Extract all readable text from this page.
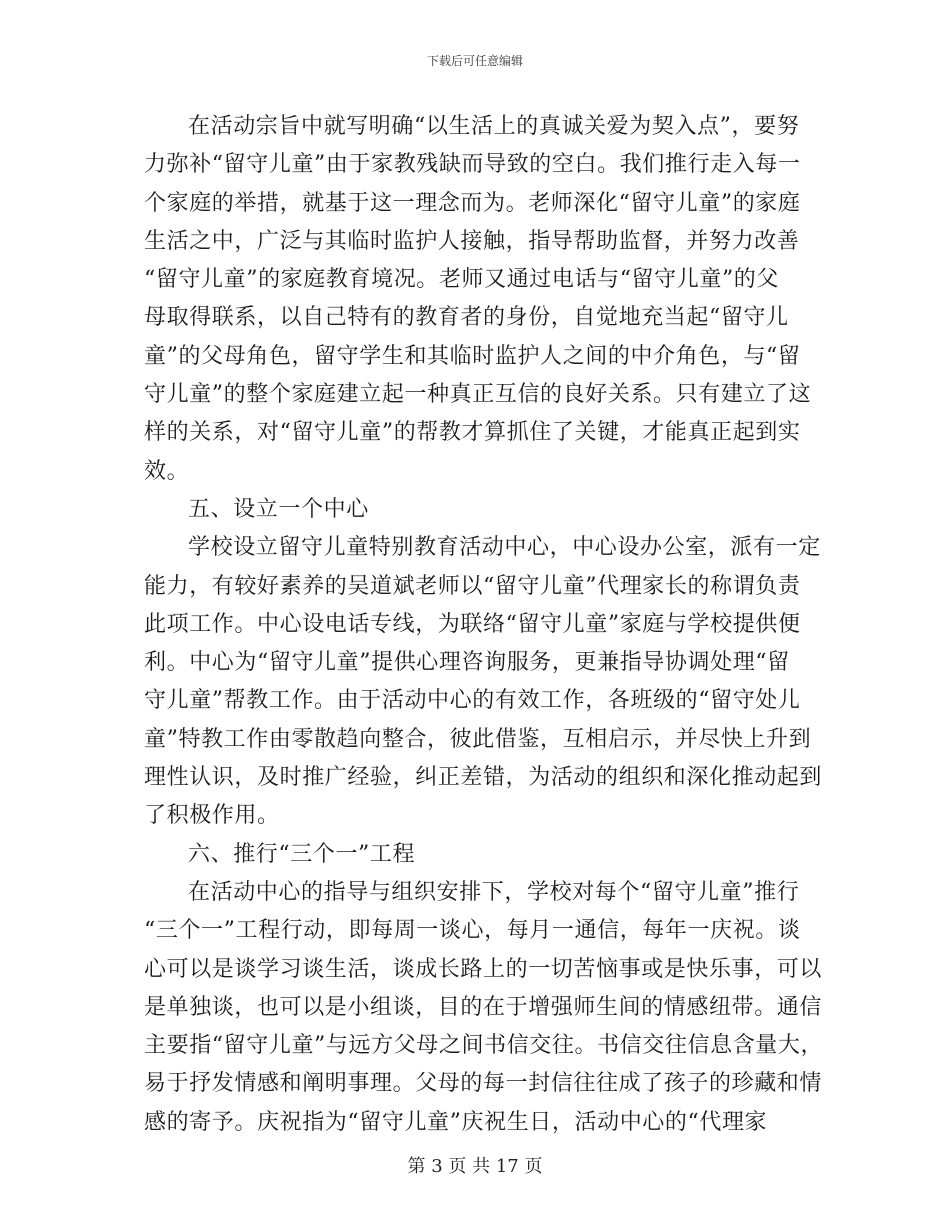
下载后可任意编辑
在活动宗旨中就写明确“以生活上的真诚关爱为契入点”，要努
力弥补“留守儿童”由于家教残缺而导致的空白。我们推行走入每一
个家庭的举措，就基于这一理念而为。老师深化“留守儿童”的家庭
生活之中，广泛与其临时监护人接触，指导帮助监督，并努力改善
“留守儿童”的家庭教育境况。老师又通过电话与“留守儿童”的父
母取得联系，以自己特有的教育者的身份，自觉地充当起“留守儿
童”的父母角色，留守学生和其临时监护人之间的中介角色，与“留
守儿童”的整个家庭建立起一种真正互信的良好关系。只有建立了这
样的关系，对“留守儿童”的帮教才算抓住了关键，才能真正起到实
效。
五、设立一个中心
学校设立留守儿童特别教育活动中心，中心设办公室，派有一定
能力，有较好素养的吴道斌老师以“留守儿童”代理家长的称谓负责
此项工作。中心设电话专线，为联络“留守儿童”家庭与学校提供便
利。中心为“留守儿童”提供心理咨询服务，更兼指导协调处理“留
守儿童”帮教工作。由于活动中心的有效工作，各班级的“留守处儿
童”特教工作由零散趋向整合，彼此借鉴，互相启示，并尽快上升到
理性认识，及时推广经验，纠正差错，为活动的组织和深化推动起到
了积极作用。
六、推行“三个一”工程
在活动中心的指导与组织安排下，学校对每个“留守儿童”推行
“三个一”工程行动，即每周一谈心，每月一通信，每年一庆祝。谈
心可以是谈学习谈生活，谈成长路上的一切苦恼事或是快乐事，可以
是单独谈，也可以是小组谈，目的在于增强师生间的情感纽带。通信
主要指“留守儿童”与远方父母之间书信交往。书信交往信息含量大，
易于抒发情感和阐明事理。父母的每一封信往往成了孩子的珍藏和情
感的寄予。庆祝指为“留守儿童”庆祝生日，活动中心的“代理家
第 3 页 共 17 页
